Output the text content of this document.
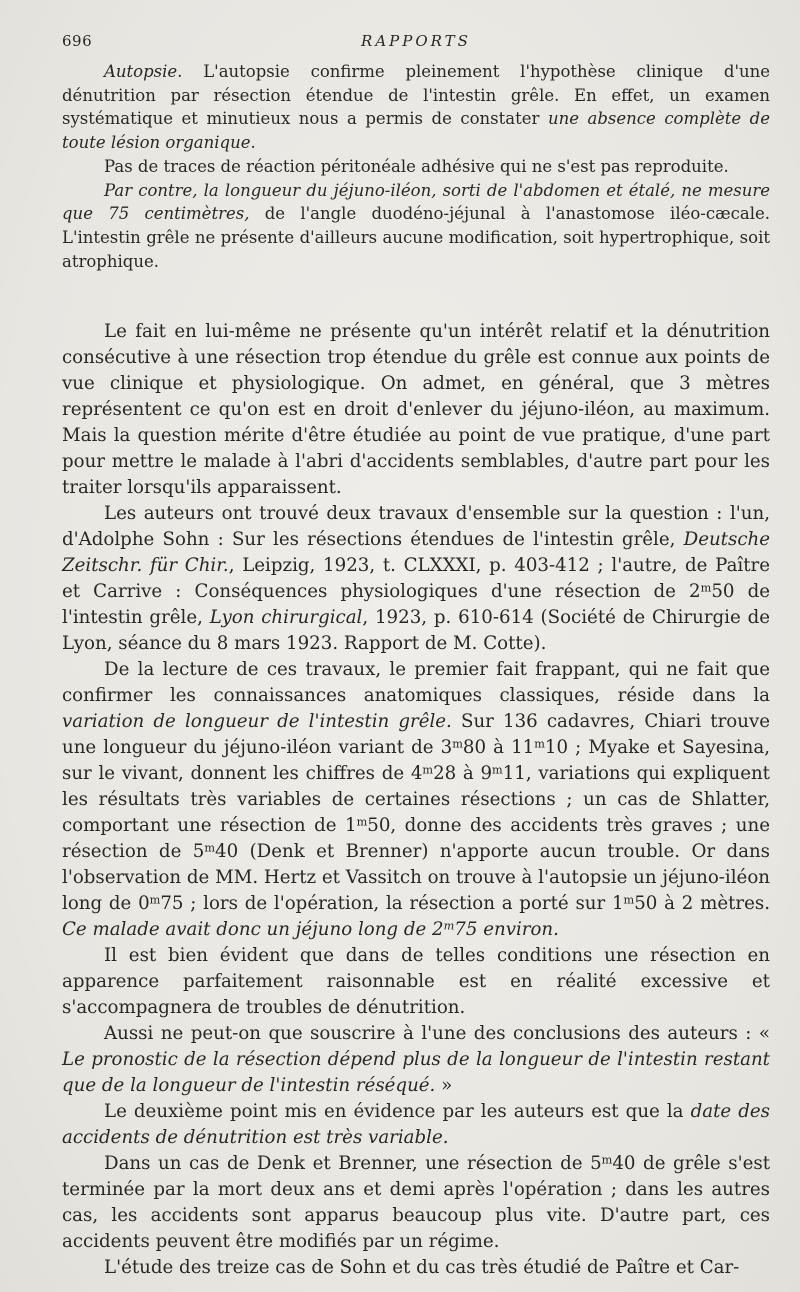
696	RAPPORTS

Autopsie. L'autopsie confirme pleinement l'hypothèse clinique d'une dénutrition par résection étendue de l'intestin grêle. En effet, un examen systématique et minutieux nous a permis de constater une absence complète de toute lésion organique.

Pas de traces de réaction péritonéale adhésive qui ne s'est pas reproduite.

Par contre, la longueur du jéjuno-iléon, sorti de l'abdomen et étalé, ne mesure que 75 centimètres, de l'angle duodéno-jéjunal à l'anastomose iléo-cæcale. L'intestin grêle ne présente d'ailleurs aucune modification, soit hypertrophique, soit atrophique.

Le fait en lui-même ne présente qu'un intérêt relatif et la dénutrition consécutive à une résection trop étendue du grêle est connue aux points de vue clinique et physiologique. On admet, en général, que 3 mètres représentent ce qu'on est en droit d'enlever du jéjuno-iléon, au maximum. Mais la question mérite d'être étudiée au point de vue pratique, d'une part pour mettre le malade à l'abri d'accidents semblables, d'autre part pour les traiter lorsqu'ils apparaissent.

Les auteurs ont trouvé deux travaux d'ensemble sur la question : l'un, d'Adolphe Sohn : Sur les résections étendues de l'intestin grêle, Deutsche Zeitschr. für Chir., Leipzig, 1923, t. CLXXXI, p. 403-412 ; l'autre, de Paître et Carrive : Conséquences physiologiques d'une résection de 2$^m$50 de l'intestin grêle, Lyon chirurgical, 1923, p. 610-614 (Société de Chirurgie de Lyon, séance du 8 mars 1923. Rapport de M. Cotte).

De la lecture de ces travaux, le premier fait frappant, qui ne fait que confirmer les connaissances anatomiques classiques, réside dans la variation de longueur de l'intestin grêle. Sur 136 cadavres, Chiari trouve une longueur du jéjuno-iléon variant de 3$^m$80 à 11$^m$10 ; Myake et Sayesina, sur le vivant, donnent les chiffres de 4$^m$28 à 9$^m$11, variations qui expliquent les résultats très variables de certaines résections ; un cas de Shlatter, comportant une résection de 1$^m$50, donne des accidents très graves ; une résection de 5$^m$40 (Denk et Brenner) n'apporte aucun trouble. Or dans l'observation de MM. Hertz et Vassitch on trouve à l'autopsie un jéjuno-iléon long de 0$^m$75 ; lors de l'opération, la résection a porté sur 1$^m$50 à 2 mètres. Ce malade avait donc un jéjuno long de 2$^m$75 environ.

Il est bien évident que dans de telles conditions une résection en apparence parfaitement raisonnable est en réalité excessive et s'accompagnera de troubles de dénutrition.

Aussi ne peut-on que souscrire à l'une des conclusions des auteurs : « Le pronostic de la résection dépend plus de la longueur de l'intestin restant que de la longueur de l'intestin réséqué. »

Le deuxième point mis en évidence par les auteurs est que la date des accidents de dénutrition est très variable.

Dans un cas de Denk et Brenner, une résection de 5$^m$40 de grêle s'est terminée par la mort deux ans et demi après l'opération ; dans les autres cas, les accidents sont apparus beaucoup plus vite. D'autre part, ces accidents peuvent être modifiés par un régime.

L'étude des treize cas de Sohn et du cas très étudié de Paître et Car-
